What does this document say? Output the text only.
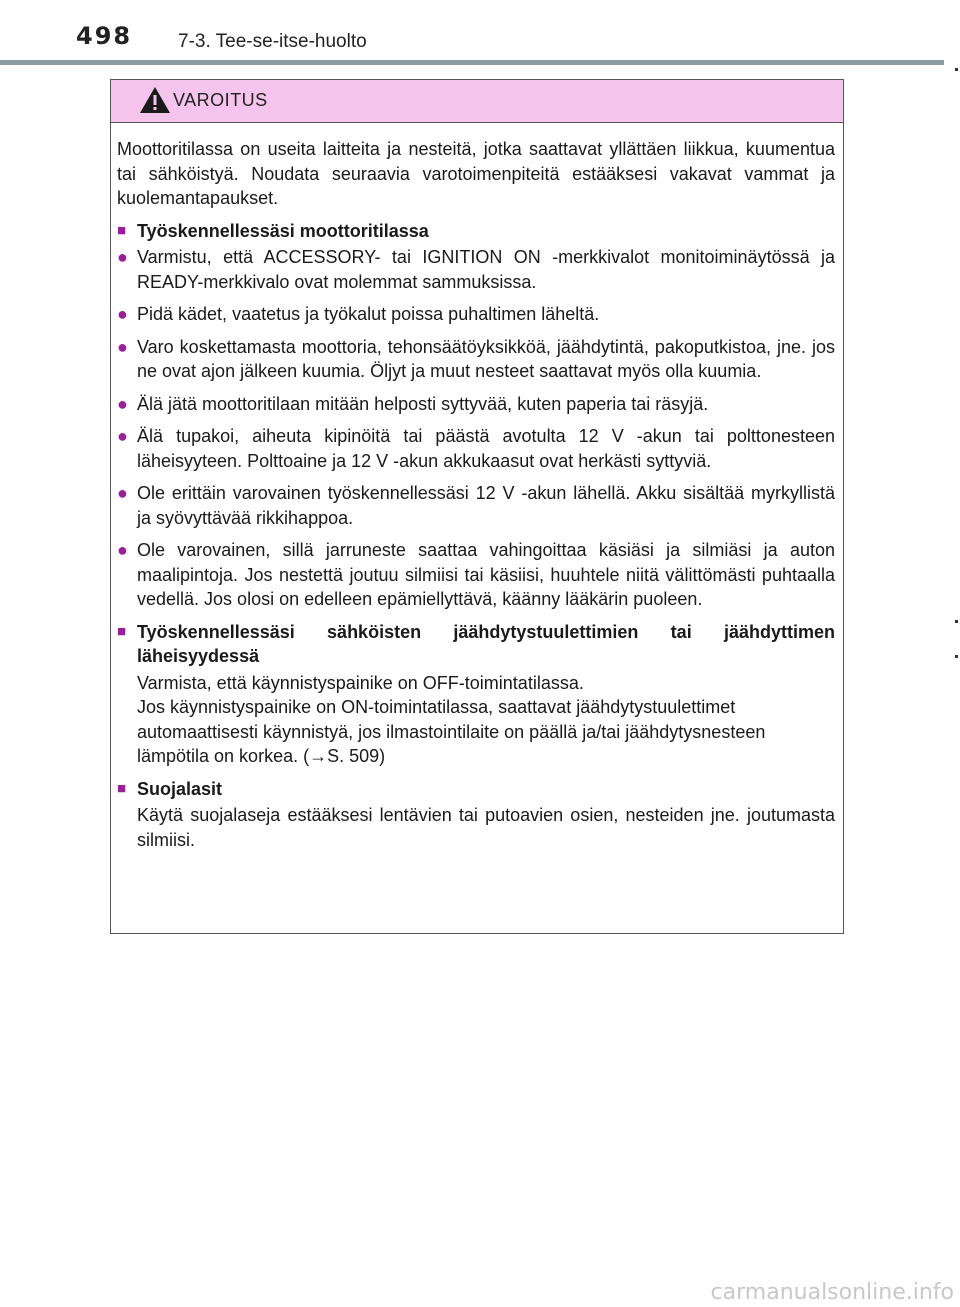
498 7-3. Tee-se-itse-huolto
VAROITUS

Moottoritilassa on useita laitteita ja nesteitä, jotka saattavat yllättäen liikkua, kuumentua tai sähköistyä. Noudata seuraavia varotoimenpiteitä estääksesi vakavat vammat ja kuolemantapaukset.

■ Työskennellessäsi moottoritilassa
● Varmistu, että ACCESSORY- tai IGNITION ON -merkkivalot monitoiminäytössä ja READY-merkkivalo ovat molemmat sammuksissa.
● Pidä kädet, vaatetus ja työkalut poissa puhaltimen läheltä.
● Varo koskettamasta moottoria, tehonsäätöyksikköä, jäähdytintä, pakoputkistoa, jne. jos ne ovat ajon jälkeen kuumia. Öljyt ja muut nesteet saattavat myös olla kuumia.
● Älä jätä moottoritilaan mitään helposti syttyvää, kuten paperia tai räsyjä.
● Älä tupakoi, aiheuta kipinöitä tai päästä avotulta 12 V -akun tai polttonesteen läheisyyteen. Polttoaine ja 12 V -akun akkukaasut ovat herkästi syttyviä.
● Ole erittäin varovainen työskennellessäsi 12 V -akun lähellä. Akku sisältää myrkyllistä ja syövyttävää rikkihappoa.
● Ole varovainen, sillä jarruneste saattaa vahingoittaa käsiäsi ja silmiäsi ja auton maalipintoja. Jos nestettä joutuu silmiisi tai käsiisi, huuhtele niitä välittömästi puhtaalla vedellä. Jos olosi on edelleen epämiellyttävä, käänny lääkärin puoleen.
■ Työskennellessäsi sähköisten jäähdytystuulettimien tai jäähdyttimen läheisyydessä

Varmista, että käynnistyspainike on OFF-toimintatilassa.

Jos käynnistyspainike on ON-toimintatilassa, saattavat jäähdytystuulettimet automaattisesti käynnistyä, jos ilmastointilaite on päällä ja/tai jäähdytysnesteen lämpötila on korkea. (→S. 509)

■ Suojalasit

Käytä suojalaseja estääksesi lentävien tai putoavien osien, nesteiden jne. joutumasta silmiisi.

carmanualsonline.info
